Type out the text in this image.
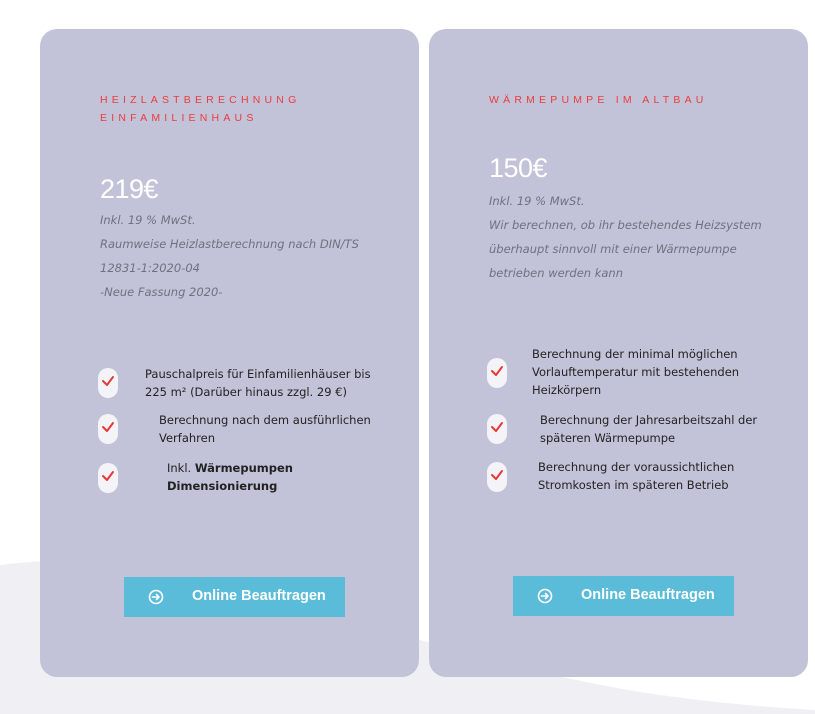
HEIZLASTBERECHNUNG
EINFAMILIENHAUS
219€
Inkl. 19 % MwSt.
Raumweise Heizlastberechnung nach DIN/TS
12831-1:2020-04
-Neue Fassung 2020-
Pauschalpreis für Einfamilienhäuser bis
225 m² (Darüber hinaus zzgl. 29 €)
Berechnung nach dem ausführlichen
Verfahren
Inkl. Wärmepumpen
Dimensionierung
Online Beauftragen
WÄRMEPUMPE IM ALTBAU
150€
Inkl. 19 % MwSt.
Wir berechnen, ob ihr bestehendes Heizsystem
überhaupt sinnvoll mit einer Wärmepumpe
betrieben werden kann
Berechnung der minimal möglichen
Vorlauftemperatur mit bestehenden
Heizkörpern
Berechnung der Jahresarbeitszahl der
späteren Wärmepumpe
Berechnung der voraussichtlichen
Stromkosten im späteren Betrieb
Online Beauftragen
